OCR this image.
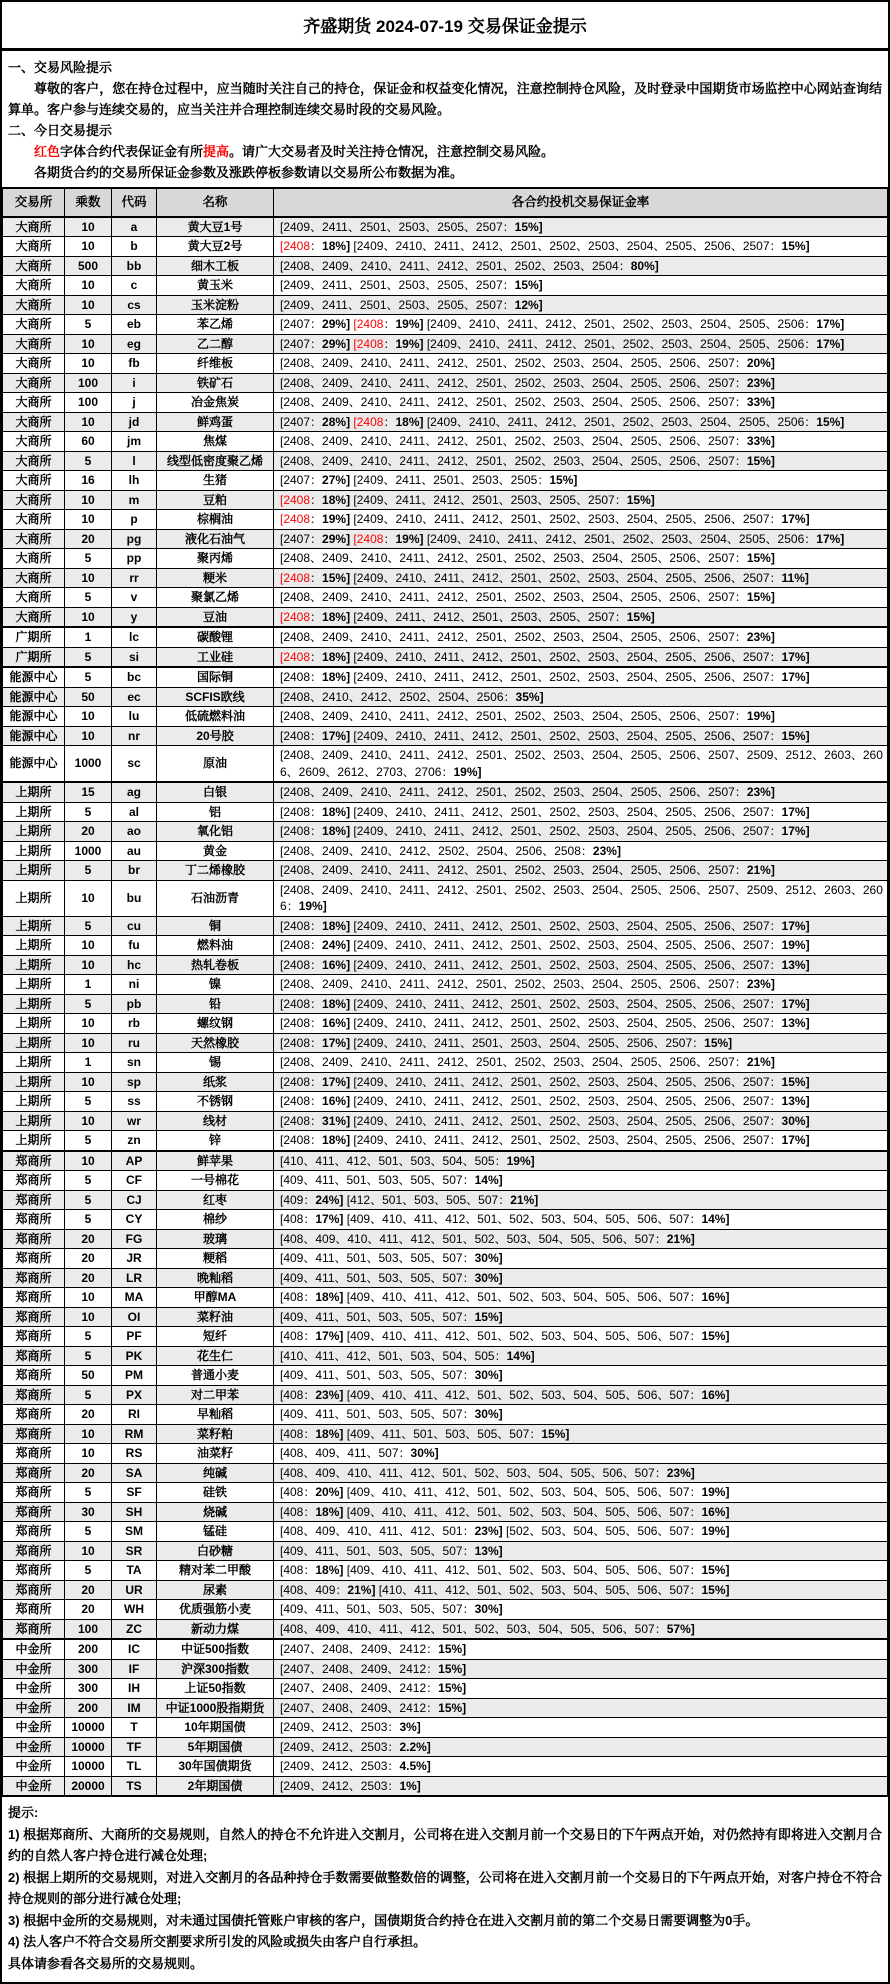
齐盛期货 2024-07-19 交易保证金提示

一、交易风险提示

尊敬的客户，您在持仓过程中，应当随时关注自己的持仓，保证金和权益变化情况，注意控制持仓风险，及时登录中国期货市场监控中心网站查询结算单。客户参与连续交易的，应当关注并合理控制连续交易时段的交易风险。

二、今日交易提示

红色字体合约代表保证金有所提高。请广大交易者及时关注持仓情况，注意控制交易风险。

各期货合约的交易所保证金参数及涨跌停板参数请以交易所公布数据为准。

交易所	乘数	代码	名称	各合约投机交易保证金率
大商所	10	a	黄大豆1号	[2409、2411、2501、2503、2505、2507：15%]
大商所	10	b	黄大豆2号	[2408：18%] [2409、2410、2411、2412、2501、2502、2503、2504、2505、2506、2507：15%]
大商所	500	bb	细木工板	[2408、2409、2410、2411、2412、2501、2502、2503、2504：80%]
大商所	10	c	黄玉米	[2409、2411、2501、2503、2505、2507：15%]
大商所	10	cs	玉米淀粉	[2409、2411、2501、2503、2505、2507：12%]
大商所	5	eb	苯乙烯	[2407：29%] [2408：19%] [2409、2410、2411、2412、2501、2502、2503、2504、2505、2506：17%]
大商所	10	eg	乙二醇	[2407：29%] [2408：19%] [2409、2410、2411、2412、2501、2502、2503、2504、2505、2506：17%]
大商所	10	fb	纤维板	[2408、2409、2410、2411、2412、2501、2502、2503、2504、2505、2506、2507：20%]
大商所	100	i	铁矿石	[2408、2409、2410、2411、2412、2501、2502、2503、2504、2505、2506、2507：23%]
大商所	100	j	冶金焦炭	[2408、2409、2410、2411、2412、2501、2502、2503、2504、2505、2506、2507：33%]
大商所	10	jd	鲜鸡蛋	[2407：28%] [2408：18%] [2409、2410、2411、2412、2501、2502、2503、2504、2505、2506：15%]
大商所	60	jm	焦煤	[2408、2409、2410、2411、2412、2501、2502、2503、2504、2505、2506、2507：33%]
大商所	5	l	线型低密度聚乙烯	[2408、2409、2410、2411、2412、2501、2502、2503、2504、2505、2506、2507：15%]
大商所	16	lh	生猪	[2407：27%] [2409、2411、2501、2503、2505：15%]
大商所	10	m	豆粕	[2408：18%] [2409、2411、2412、2501、2503、2505、2507：15%]
大商所	10	p	棕榈油	[2408：19%] [2409、2410、2411、2412、2501、2502、2503、2504、2505、2506、2507：17%]
大商所	20	pg	液化石油气	[2407：29%] [2408：19%] [2409、2410、2411、2412、2501、2502、2503、2504、2505、2506：17%]
大商所	5	pp	聚丙烯	[2408、2409、2410、2411、2412、2501、2502、2503、2504、2505、2506、2507：15%]
大商所	10	rr	粳米	[2408：15%] [2409、2410、2411、2412、2501、2502、2503、2504、2505、2506、2507：11%]
大商所	5	v	聚氯乙烯	[2408、2409、2410、2411、2412、2501、2502、2503、2504、2505、2506、2507：15%]
大商所	10	y	豆油	[2408：18%] [2409、2411、2412、2501、2503、2505、2507：15%]
广期所	1	lc	碳酸锂	[2408、2409、2410、2411、2412、2501、2502、2503、2504、2505、2506、2507：23%]
广期所	5	si	工业硅	[2408：18%] [2409、2410、2411、2412、2501、2502、2503、2504、2505、2506、2507：17%]
能源中心	5	bc	国际铜	[2408：18%] [2409、2410、2411、2412、2501、2502、2503、2504、2505、2506、2507：17%]
能源中心	50	ec	SCFIS欧线	[2408、2410、2412、2502、2504、2506：35%]
能源中心	10	lu	低硫燃料油	[2408、2409、2410、2411、2412、2501、2502、2503、2504、2505、2506、2507：19%]
能源中心	10	nr	20号胶	[2408：17%] [2409、2410、2411、2412、2501、2502、2503、2504、2505、2506、2507：15%]
能源中心	1000	sc	原油	[2408、2409、2410、2411、2412、2501、2502、2503、2504、2505、2506、2507、2509、2512、2603、2606、2609、2612、2703、2706：19%]
上期所	15	ag	白银	[2408、2409、2410、2411、2412、2501、2502、2503、2504、2505、2506、2507：23%]
上期所	5	al	铝	[2408：18%] [2409、2410、2411、2412、2501、2502、2503、2504、2505、2506、2507：17%]
上期所	20	ao	氧化铝	[2408：18%] [2409、2410、2411、2412、2501、2502、2503、2504、2505、2506、2507：17%]
上期所	1000	au	黄金	[2408、2409、2410、2412、2502、2504、2506、2508：23%]
上期所	5	br	丁二烯橡胶	[2408、2409、2410、2411、2412、2501、2502、2503、2504、2505、2506、2507：21%]
上期所	10	bu	石油沥青	[2408、2409、2410、2411、2412、2501、2502、2503、2504、2505、2506、2507、2509、2512、2603、2606：19%]
上期所	5	cu	铜	[2408：18%] [2409、2410、2411、2412、2501、2502、2503、2504、2505、2506、2507：17%]
上期所	10	fu	燃料油	[2408：24%] [2409、2410、2411、2412、2501、2502、2503、2504、2505、2506、2507：19%]
上期所	10	hc	热轧卷板	[2408：16%] [2409、2410、2411、2412、2501、2502、2503、2504、2505、2506、2507：13%]
上期所	1	ni	镍	[2408、2409、2410、2411、2412、2501、2502、2503、2504、2505、2506、2507：23%]
上期所	5	pb	铅	[2408：18%] [2409、2410、2411、2412、2501、2502、2503、2504、2505、2506、2507：17%]
上期所	10	rb	螺纹钢	[2408：16%] [2409、2410、2411、2412、2501、2502、2503、2504、2505、2506、2507：13%]
上期所	10	ru	天然橡胶	[2408：17%] [2409、2410、2411、2501、2503、2504、2505、2506、2507：15%]
上期所	1	sn	锡	[2408、2409、2410、2411、2412、2501、2502、2503、2504、2505、2506、2507：21%]
上期所	10	sp	纸浆	[2408：17%] [2409、2410、2411、2412、2501、2502、2503、2504、2505、2506、2507：15%]
上期所	5	ss	不锈钢	[2408：16%] [2409、2410、2411、2412、2501、2502、2503、2504、2505、2506、2507：13%]
上期所	10	wr	线材	[2408：31%] [2409、2410、2411、2412、2501、2502、2503、2504、2505、2506、2507：30%]
上期所	5	zn	锌	[2408：18%] [2409、2410、2411、2412、2501、2502、2503、2504、2505、2506、2507：17%]
郑商所	10	AP	鲜苹果	[410、411、412、501、503、504、505：19%]
郑商所	5	CF	一号棉花	[409、411、501、503、505、507：14%]
郑商所	5	CJ	红枣	[409：24%] [412、501、503、505、507：21%]
郑商所	5	CY	棉纱	[408：17%] [409、410、411、412、501、502、503、504、505、506、507：14%]
郑商所	20	FG	玻璃	[408、409、410、411、412、501、502、503、504、505、506、507：21%]
郑商所	20	JR	粳稻	[409、411、501、503、505、507：30%]
郑商所	20	LR	晚籼稻	[409、411、501、503、505、507：30%]
郑商所	10	MA	甲醇MA	[408：18%] [409、410、411、412、501、502、503、504、505、506、507：16%]
郑商所	10	OI	菜籽油	[409、411、501、503、505、507：15%]
郑商所	5	PF	短纤	[408：17%] [409、410、411、412、501、502、503、504、505、506、507：15%]
郑商所	5	PK	花生仁	[410、411、412、501、503、504、505：14%]
郑商所	50	PM	普通小麦	[409、411、501、503、505、507：30%]
郑商所	5	PX	对二甲苯	[408：23%] [409、410、411、412、501、502、503、504、505、506、507：16%]
郑商所	20	RI	早籼稻	[409、411、501、503、505、507：30%]
郑商所	10	RM	菜籽粕	[408：18%] [409、411、501、503、505、507：15%]
郑商所	10	RS	油菜籽	[408、409、411、507：30%]
郑商所	20	SA	纯碱	[408、409、410、411、412、501、502、503、504、505、506、507：23%]
郑商所	5	SF	硅铁	[408：20%] [409、410、411、412、501、502、503、504、505、506、507：19%]
郑商所	30	SH	烧碱	[408：18%] [409、410、411、412、501、502、503、504、505、506、507：16%]
郑商所	5	SM	锰硅	[408、409、410、411、412、501：23%] [502、503、504、505、506、507：19%]
郑商所	10	SR	白砂糖	[409、411、501、503、505、507：13%]
郑商所	5	TA	精对苯二甲酸	[408：18%] [409、410、411、412、501、502、503、504、505、506、507：15%]
郑商所	20	UR	尿素	[408、409：21%] [410、411、412、501、502、503、504、505、506、507：15%]
郑商所	20	WH	优质强筋小麦	[409、411、501、503、505、507：30%]
郑商所	100	ZC	新动力煤	[408、409、410、411、412、501、502、503、504、505、506、507：57%]
中金所	200	IC	中证500指数	[2407、2408、2409、2412：15%]
中金所	300	IF	沪深300指数	[2407、2408、2409、2412：15%]
中金所	300	IH	上证50指数	[2407、2408、2409、2412：15%]
中金所	200	IM	中证1000股指期货	[2407、2408、2409、2412：15%]
中金所	10000	T	10年期国债	[2409、2412、2503：3%]
中金所	10000	TF	5年期国债	[2409、2412、2503：2.2%]
中金所	10000	TL	30年国债期货	[2409、2412、2503：4.5%]
中金所	20000	TS	2年期国债	[2409、2412、2503：1%]

提示:

1) 根据郑商所、大商所的交易规则，自然人的持仓不允许进入交割月，公司将在进入交割月前一个交易日的下午两点开始，对仍然持有即将进入交割月合约的自然人客户持仓进行减仓处理;

2) 根据上期所的交易规则，对进入交割月的各品种持仓手数需要做整数倍的调整，公司将在进入交割月前一个交易日的下午两点开始，对客户持仓不符合持仓规则的部分进行减仓处理;

3) 根据中金所的交易规则，对未通过国债托管账户审核的客户，国债期货合约持仓在进入交割月前的第二个交易日需要调整为0手。

4) 法人客户不符合交易所交割要求所引发的风险或损失由客户自行承担。

具体请参看各交易所的交易规则。
